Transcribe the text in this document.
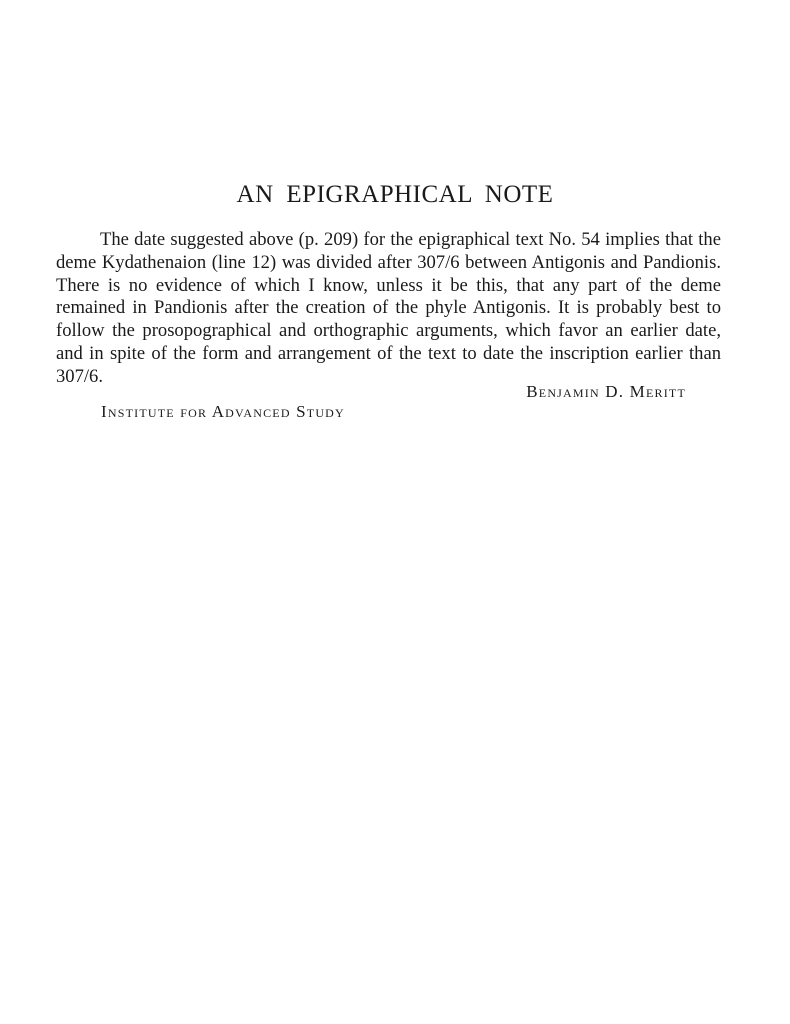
AN EPIGRAPHICAL NOTE

The date suggested above (p. 209) for the epigraphical text No. 54 implies that the deme Kydathenaion (line 12) was divided after 307/6 between Antigonis and Pandionis. There is no evidence of which I know, unless it be this, that any part of the deme remained in Pandionis after the creation of the phyle Antigonis. It is probably best to follow the prosopographical and orthographic arguments, which favor an earlier date, and in spite of the form and arrangement of the text to date the inscription earlier than 307/6.

Benjamin D. Meritt

Institute for Advanced Study
